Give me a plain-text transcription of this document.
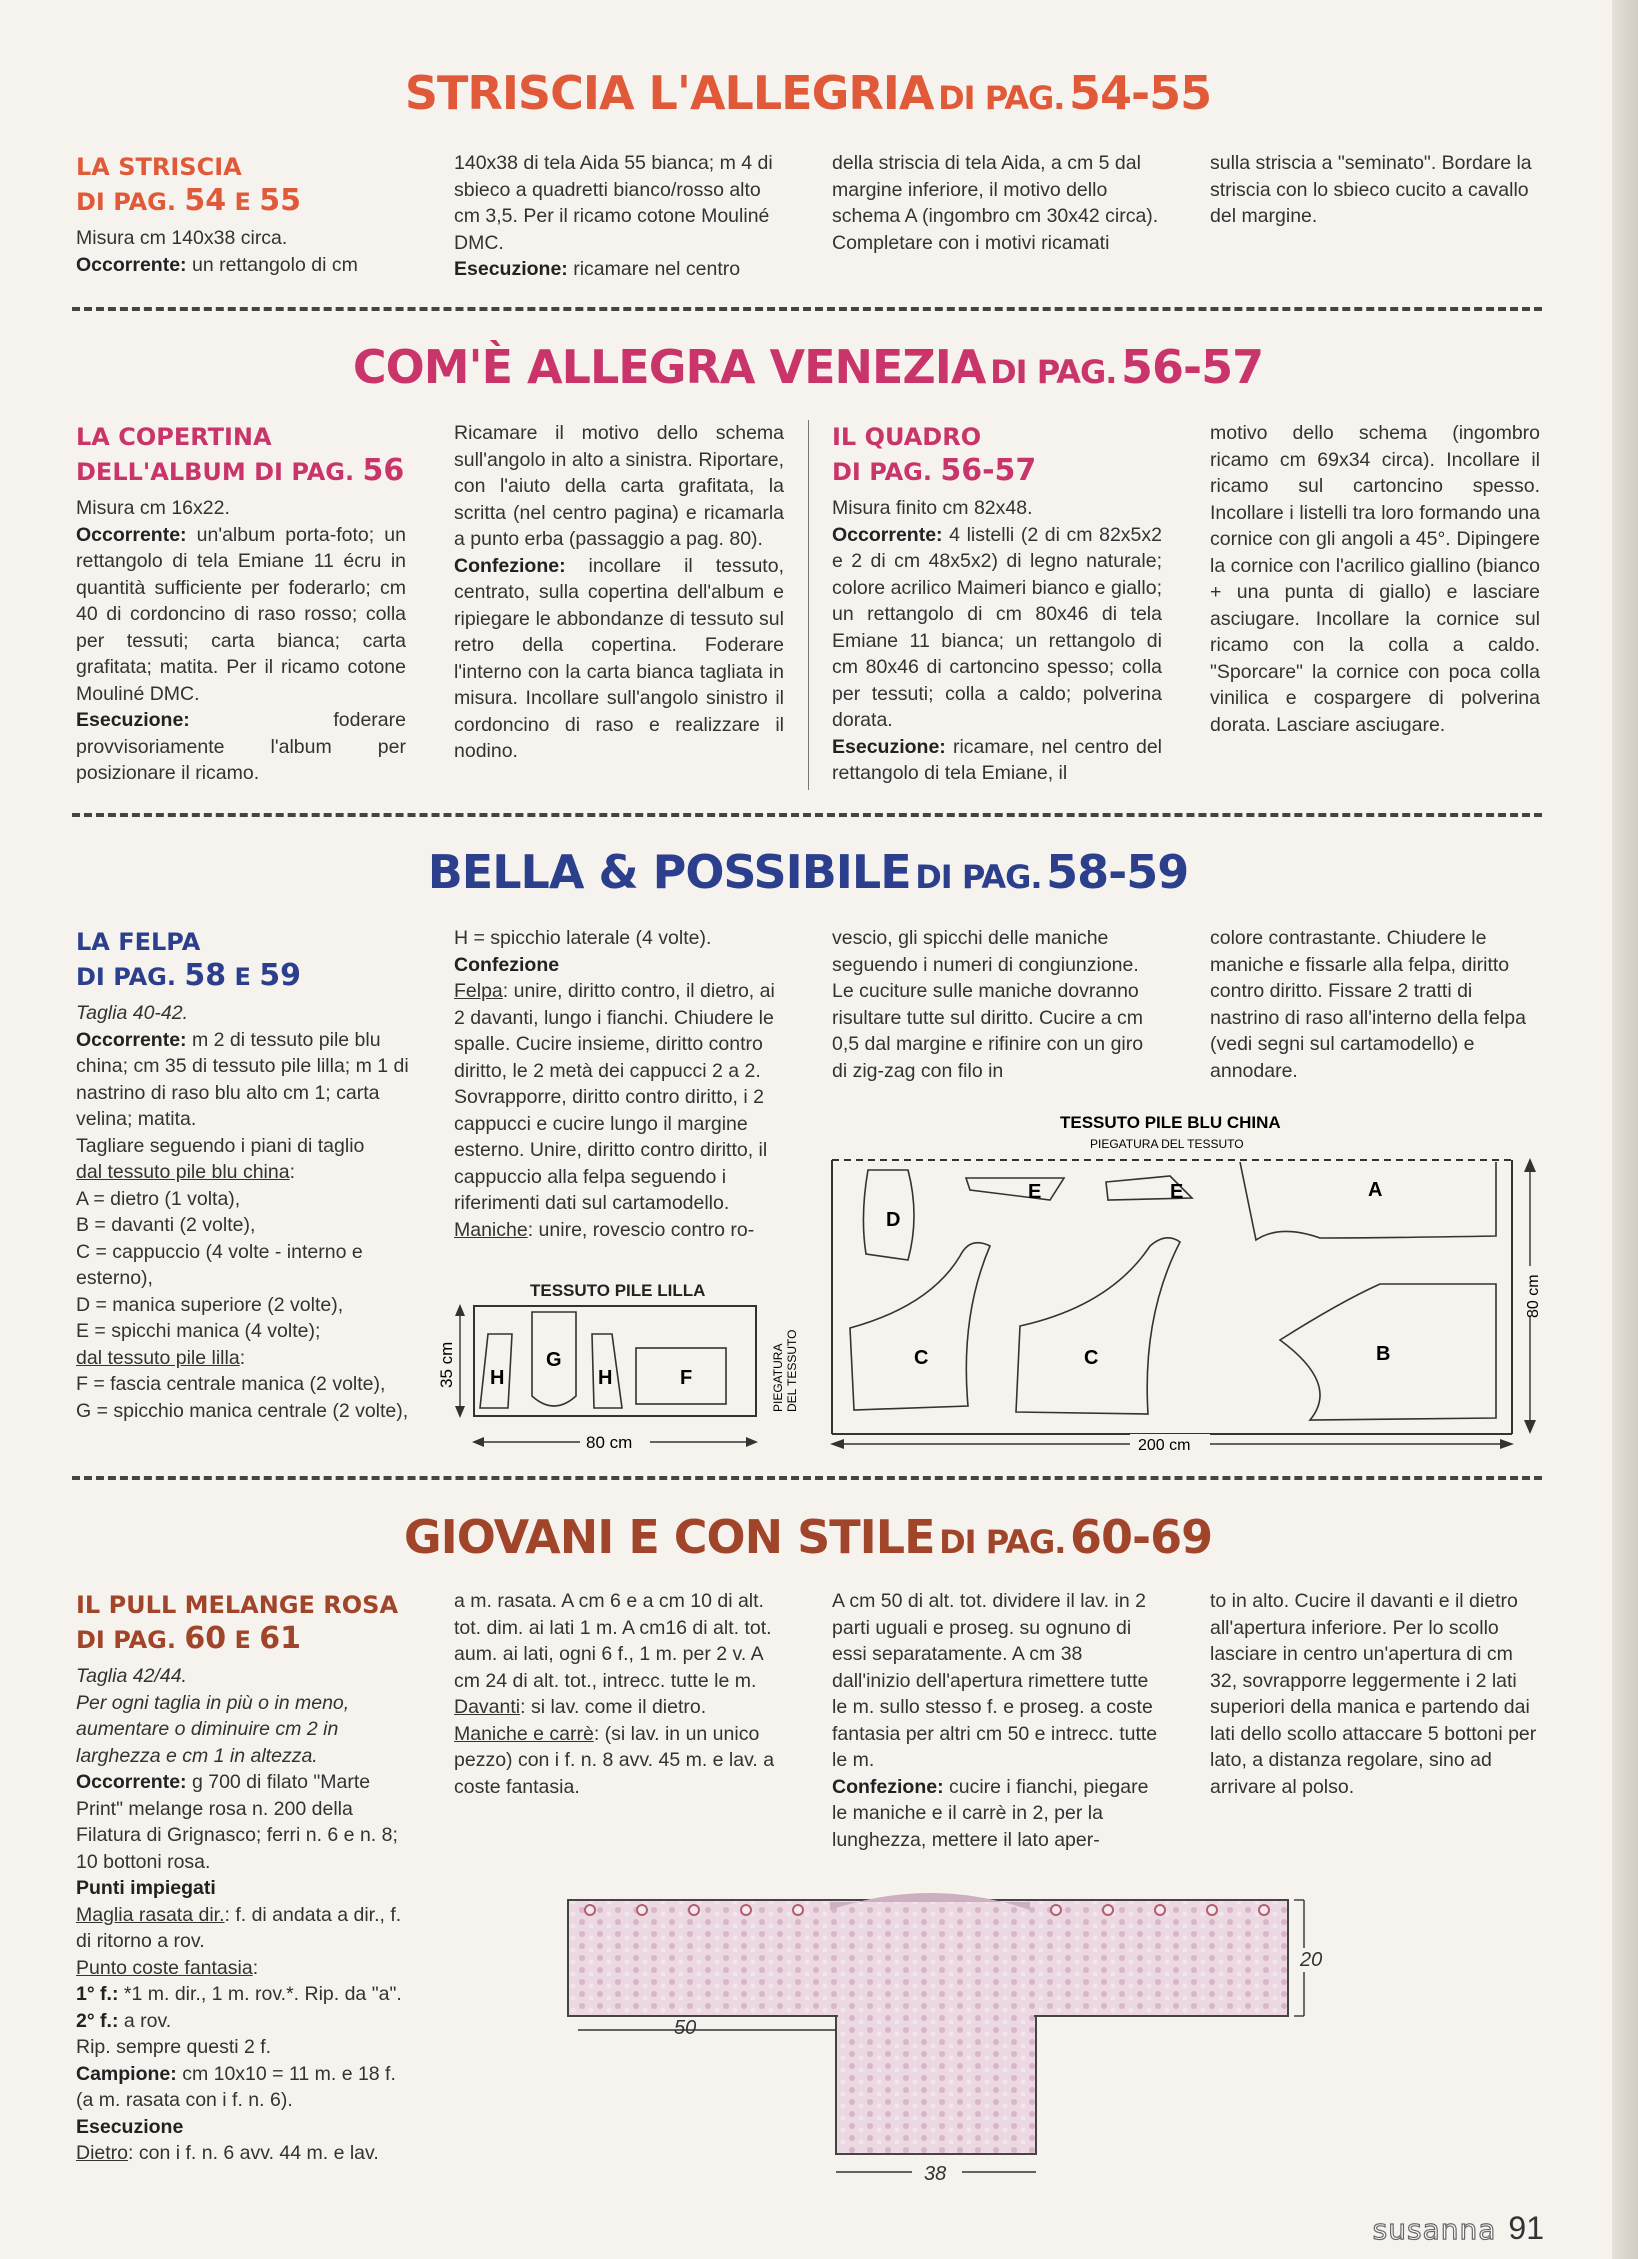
STRISCIA L'ALLEGRIA DI PAG. 54-55
LA STRISCIA
DI PAG. 54 E 55

Misura cm 140x38 circa.

Occorrente: un rettangolo di cm

140x38 di tela Aida 55 bianca; m 4 di sbieco a quadretti bianco/rosso alto cm 3,5. Per il ricamo cotone Mouliné DMC.

Esecuzione: ricamare nel centro

della striscia di tela Aida, a cm 5 dal margine inferiore, il motivo dello schema A (ingombro cm 30x42 circa). Completare con i motivi ricamati

sulla striscia a "seminato". Bordare la striscia con lo sbieco cucito a cavallo del margine.

COM'È ALLEGRA VENEZIA DI PAG. 56-57
LA COPERTINA
DELL'ALBUM DI PAG. 56

Misura cm 16x22.

Occorrente: un'album porta-foto; un rettangolo di tela Emiane 11 écru in quantità sufficiente per foderarlo; cm 40 di cordoncino di raso rosso; colla per tessuti; carta bianca; carta grafitata; matita. Per il ricamo cotone Mouliné DMC.

Esecuzione:	foderare provvisoriamente l'album per posizionare il ricamo.

Ricamare il motivo dello schema sull'angolo in alto a sinistra. Riportare, con l'aiuto della carta grafitata, la scritta (nel centro pagina) e ricamarla a punto erba (passaggio a pag. 80).

Confezione: incollare il tessuto, centrato, sulla copertina dell'album e ripiegare le abbondanze di tessuto sul retro della copertina. Foderare l'interno con la carta bianca tagliata in misura. Incollare sull'angolo sinistro il cordoncino di raso e realizzare il nodino.

IL QUADRO
DI PAG. 56-57

Misura finito cm 82x48.

Occorrente: 4 listelli (2 di cm 82x5x2 e 2 di cm 48x5x2) di legno naturale; colore acrilico Maimeri bianco e giallo; un rettangolo di cm 80x46 di tela Emiane 11 bianca; un rettangolo di cm 80x46 di cartoncino spesso; colla per tessuti; colla a caldo; polverina dorata.

Esecuzione: ricamare, nel centro del rettangolo di tela Emiane, il

motivo dello schema (ingombro ricamo cm 69x34 circa). Incollare il ricamo sul cartoncino spesso. Incollare i listelli tra loro formando una cornice con gli angoli a 45°. Dipingere la cornice con l'acrilico giallino (bianco + una punta di giallo) e lasciare asciugare. Incollare la cornice sul ricamo con la colla a caldo. "Sporcare" la cornice con poca colla vinilica e cospargere di polverina dorata. Lasciare asciugare.

BELLA & POSSIBILE DI PAG. 58-59
LA FELPA
DI PAG. 58 E 59

Taglia 40-42.

Occorrente: m 2 di tessuto pile blu china; cm 35 di tessuto pile lilla; m 1 di nastrino di raso blu alto cm 1; carta velina; matita.

Tagliare seguendo i piani di taglio

dal tessuto pile blu china:

A = dietro (1 volta),

B = davanti (2 volte),

C = cappuccio (4 volte - interno e esterno),

D = manica superiore (2 volte),

E = spicchi manica (4 volte);

dal tessuto pile lilla:

F = fascia centrale manica (2 volte),

G = spicchio manica centrale (2 volte),

H = spicchio laterale (4 volte).

Confezione

Felpa: unire, diritto contro, il dietro, ai 2 davanti, lungo i fianchi. Chiudere le spalle. Cucire insieme, diritto contro diritto, le 2 metà dei cappucci 2 a 2. Sovrapporre, diritto contro diritto, i 2 cappucci e cucire lungo il margine esterno. Unire, diritto contro diritto, il cappuccio alla felpa seguendo i riferimenti dati sul cartamodello.

Maniche: unire, rovescio contro ro-

vescio, gli spicchi delle maniche seguendo i numeri di congiunzione. Le cuciture sulle maniche dovranno risultare tutte sul diritto. Cucire a cm 0,5 dal margine e rifinire con un giro di zig-zag con filo in

colore contrastante. Chiudere le maniche e fissarle alla felpa, diritto contro diritto. Fissare 2 tratti di nastrino di raso all'interno della felpa (vedi segni sul cartamodello) e annodare.

TESSUTO PILE LILLA
H
G
H	F
35 cm
80 cm
PIEGATURA DEL TESSUTO
TESSUTO PILE BLU CHINA
PIEGATURA DEL TESSUTO
D
E	E	A
C	C	B
80 cm
200 cm
GIOVANI E CON STILE DI PAG. 60-69
IL PULL MELANGE ROSA
DI PAG. 60 E 61

Taglia 42/44.

Per ogni taglia in più o in meno, aumentare o diminuire cm 2 in larghezza e cm 1 in altezza.

Occorrente: g 700 di filato "Marte Print" melange rosa n. 200 della Filatura di Grignasco; ferri n. 6 e n. 8; 10 bottoni rosa.

Punti impiegati

Maglia rasata dir.: f. di andata a dir., f. di ritorno a rov.

Punto coste fantasia:

1° f.: *1 m. dir., 1 m. rov.*. Rip. da "a".

2° f.: a rov.

Rip. sempre questi 2 f.

Campione: cm 10x10 = 11 m. e 18 f. (a m. rasata con i f. n. 6).

Esecuzione

Dietro: con i f. n. 6 avv. 44 m. e lav.

a m. rasata. A cm 6 e a cm 10 di alt. tot. dim. ai lati 1 m. A cm16 di alt. tot. aum. ai lati, ogni 6 f., 1 m. per 2 v. A cm 24 di alt. tot., intrecc. tutte le m.

Davanti: si lav. come il dietro.

Maniche e carrè: (si lav. in un unico pezzo) con i f. n. 8 avv. 45 m. e lav. a coste fantasia.

A cm 50 di alt. tot. dividere il lav. in 2 parti uguali e proseg. su ognuno di essi separatamente. A cm 38 dall'inizio dell'apertura rimettere tutte le m. sullo stesso f. e proseg. a coste fantasia per altri cm 50 e intrecc. tutte le m.

Confezione: cucire i fianchi, piegare le maniche e il carrè in 2, per la lunghezza, mettere il lato aper-

to in alto. Cucire il davanti e il dietro all'apertura inferiore. Per lo scollo lasciare in centro un'apertura di cm 32, sovrapporre leggermente i 2 lati superiori della manica e partendo dai lati dello scollo attaccare 5 bottoni per lato, a distanza regolare, sino ad arrivare al polso.

50
20
38
susanna 91
